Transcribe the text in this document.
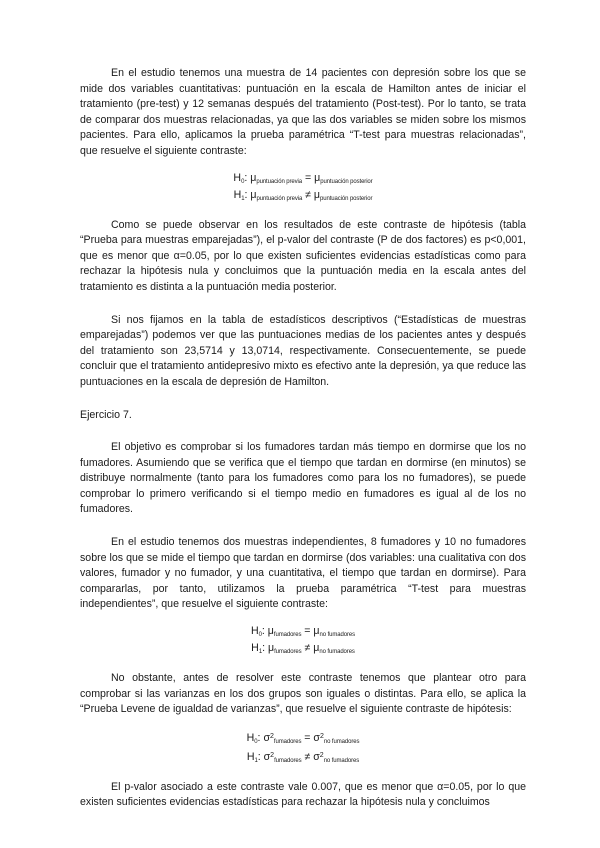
En el estudio tenemos una muestra de 14 pacientes con depresión sobre los que se mide dos variables cuantitativas: puntuación en la escala de Hamilton antes de iniciar el tratamiento (pre-test) y 12 semanas después del tratamiento (Post-test). Por lo tanto, se trata de comparar dos muestras relacionadas, ya que las dos variables se miden sobre los mismos pacientes. Para ello, aplicamos la prueba paramétrica “T-test para muestras relacionadas”, que resuelve el siguiente contraste:

$H_0$: $\mu_{puntuación previa} = \mu_{puntuación posterior}$
$H_1$: $\mu_{puntuación previa} \ne \mu_{puntuación posterior}$

Como se puede observar en los resultados de este contraste de hipótesis (tabla “Prueba para muestras emparejadas”), el p-valor del contraste (P de dos factores) es p<0,001, que es menor que α=0.05, por lo que existen suficientes evidencias estadísticas como para rechazar la hipótesis nula y concluimos que la puntuación media en la escala antes del tratamiento es distinta a la puntuación media posterior.

Si nos fijamos en la tabla de estadísticos descriptivos (“Estadísticas de muestras emparejadas”) podemos ver que las puntuaciones medias de los pacientes antes y después del tratamiento son 23,5714 y 13,0714, respectivamente. Consecuentemente, se puede concluir que el tratamiento antidepresivo mixto es efectivo ante la depresión, ya que reduce las puntuaciones en la escala de depresión de Hamilton.

Ejercicio 7.

El objetivo es comprobar si los fumadores tardan más tiempo en dormirse que los no fumadores. Asumiendo que se verifica que el tiempo que tardan en dormirse (en minutos) se distribuye normalmente (tanto para los fumadores como para los no fumadores), se puede comprobar lo primero verificando si el tiempo medio en fumadores es igual al de los no fumadores.

En el estudio tenemos dos muestras independientes, 8 fumadores y 10 no fumadores sobre los que se mide el tiempo que tardan en dormirse (dos variables: una cualitativa con dos valores, fumador y no fumador, y una cuantitativa, el tiempo que tardan en dormirse). Para compararlas, por tanto, utilizamos la prueba paramétrica “T-test para muestras independientes”, que resuelve el siguiente contraste:

$H_0$: $\mu_{fumadores} = \mu_{no fumadores}$
$H_1$: $\mu_{fumadores} \ne \mu_{no fumadores}$

No obstante, antes de resolver este contraste tenemos que plantear otro para comprobar si las varianzas en los dos grupos son iguales o distintas. Para ello, se aplica la “Prueba Levene de igualdad de varianzas”, que resuelve el siguiente contraste de hipótesis:

$H_0$: $\sigma^2_{fumadores} = \sigma^2_{no fumadores}$
$H_1$: $\sigma^2_{fumadores} \ne \sigma^2_{no fumadores}$

El p-valor asociado a este contraste vale 0.007, que es menor que α=0.05, por lo que existen suficientes evidencias estadísticas para rechazar la hipótesis nula y concluimos
